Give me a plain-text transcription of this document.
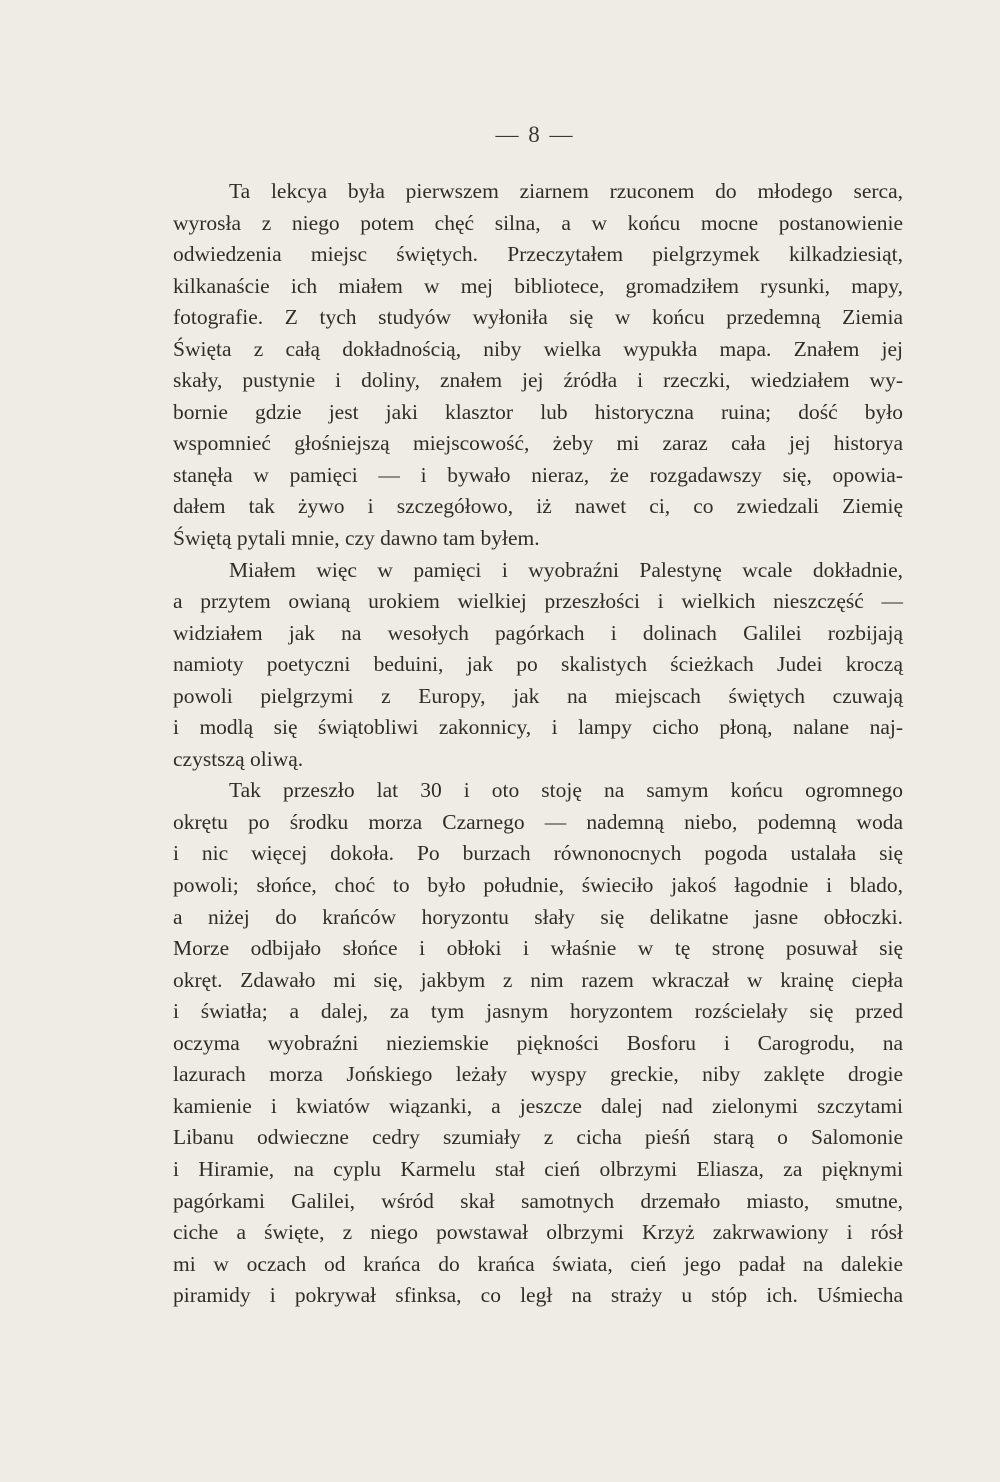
— 8 —
Ta lekcya była pierwszem ziarnem rzuconem do młodego serca,
wyrosła z niego potem chęć silna, a w końcu mocne postanowienie
odwiedzenia miejsc świętych. Przeczytałem pielgrzymek kilkadziesiąt,
kilkanaście ich miałem w mej bibliotece, gromadziłem rysunki, mapy,
fotografie. Z tych studyów wyłoniła się w końcu przedemną Ziemia
Święta z całą dokładnością, niby wielka wypukła mapa. Znałem jej
skały, pustynie i doliny, znałem jej źródła i rzeczki, wiedziałem wy-
bornie gdzie jest jaki klasztor lub historyczna ruina; dość było
wspomnieć głośniejszą miejscowość, żeby mi zaraz cała jej historya
stanęła w pamięci — i bywało nieraz, że rozgadawszy się, opowia-
dałem tak żywo i szczegółowo, iż nawet ci, co zwiedzali Ziemię
Świętą pytali mnie, czy dawno tam byłem.
Miałem więc w pamięci i wyobraźni Palestynę wcale dokładnie,
a przytem owianą urokiem wielkiej przeszłości i wielkich nieszczęść —
widziałem jak na wesołych pagórkach i dolinach Galilei rozbijają
namioty poetyczni beduini, jak po skalistych ścieżkach Judei kroczą
powoli pielgrzymi z Europy, jak na miejscach świętych czuwają
i modlą się świątobliwi zakonnicy, i lampy cicho płoną, nalane naj-
czystszą oliwą.
Tak przeszło lat 30 i oto stoję na samym końcu ogromnego
okrętu po środku morza Czarnego — nademną niebo, podemną woda
i nic więcej dokoła. Po burzach równonocnych pogoda ustalała się
powoli; słońce, choć to było południe, świeciło jakoś łagodnie i blado,
a niżej do krańców horyzontu słały się delikatne jasne obłoczki.
Morze odbijało słońce i obłoki i właśnie w tę stronę posuwał się
okręt. Zdawało mi się, jakbym z nim razem wkraczał w krainę ciepła
i światła; a dalej, za tym jasnym horyzontem rozścielały się przed
oczyma wyobraźni nieziemskie piękności Bosforu i Carogrodu, na
lazurach morza Jońskiego leżały wyspy greckie, niby zaklęte drogie
kamienie i kwiatów wiązanki, a jeszcze dalej nad zielonymi szczytami
Libanu odwieczne cedry szumiały z cicha pieśń starą o Salomonie
i Hiramie, na cyplu Karmelu stał cień olbrzymi Eliasza, za pięknymi
pagórkami Galilei, wśród skał samotnych drzemało miasto, smutne,
ciche a święte, z niego powstawał olbrzymi Krzyż zakrwawiony i rósł
mi w oczach od krańca do krańca świata, cień jego padał na dalekie
piramidy i pokrywał sfinksa, co legł na straży u stóp ich. Uśmiecha
